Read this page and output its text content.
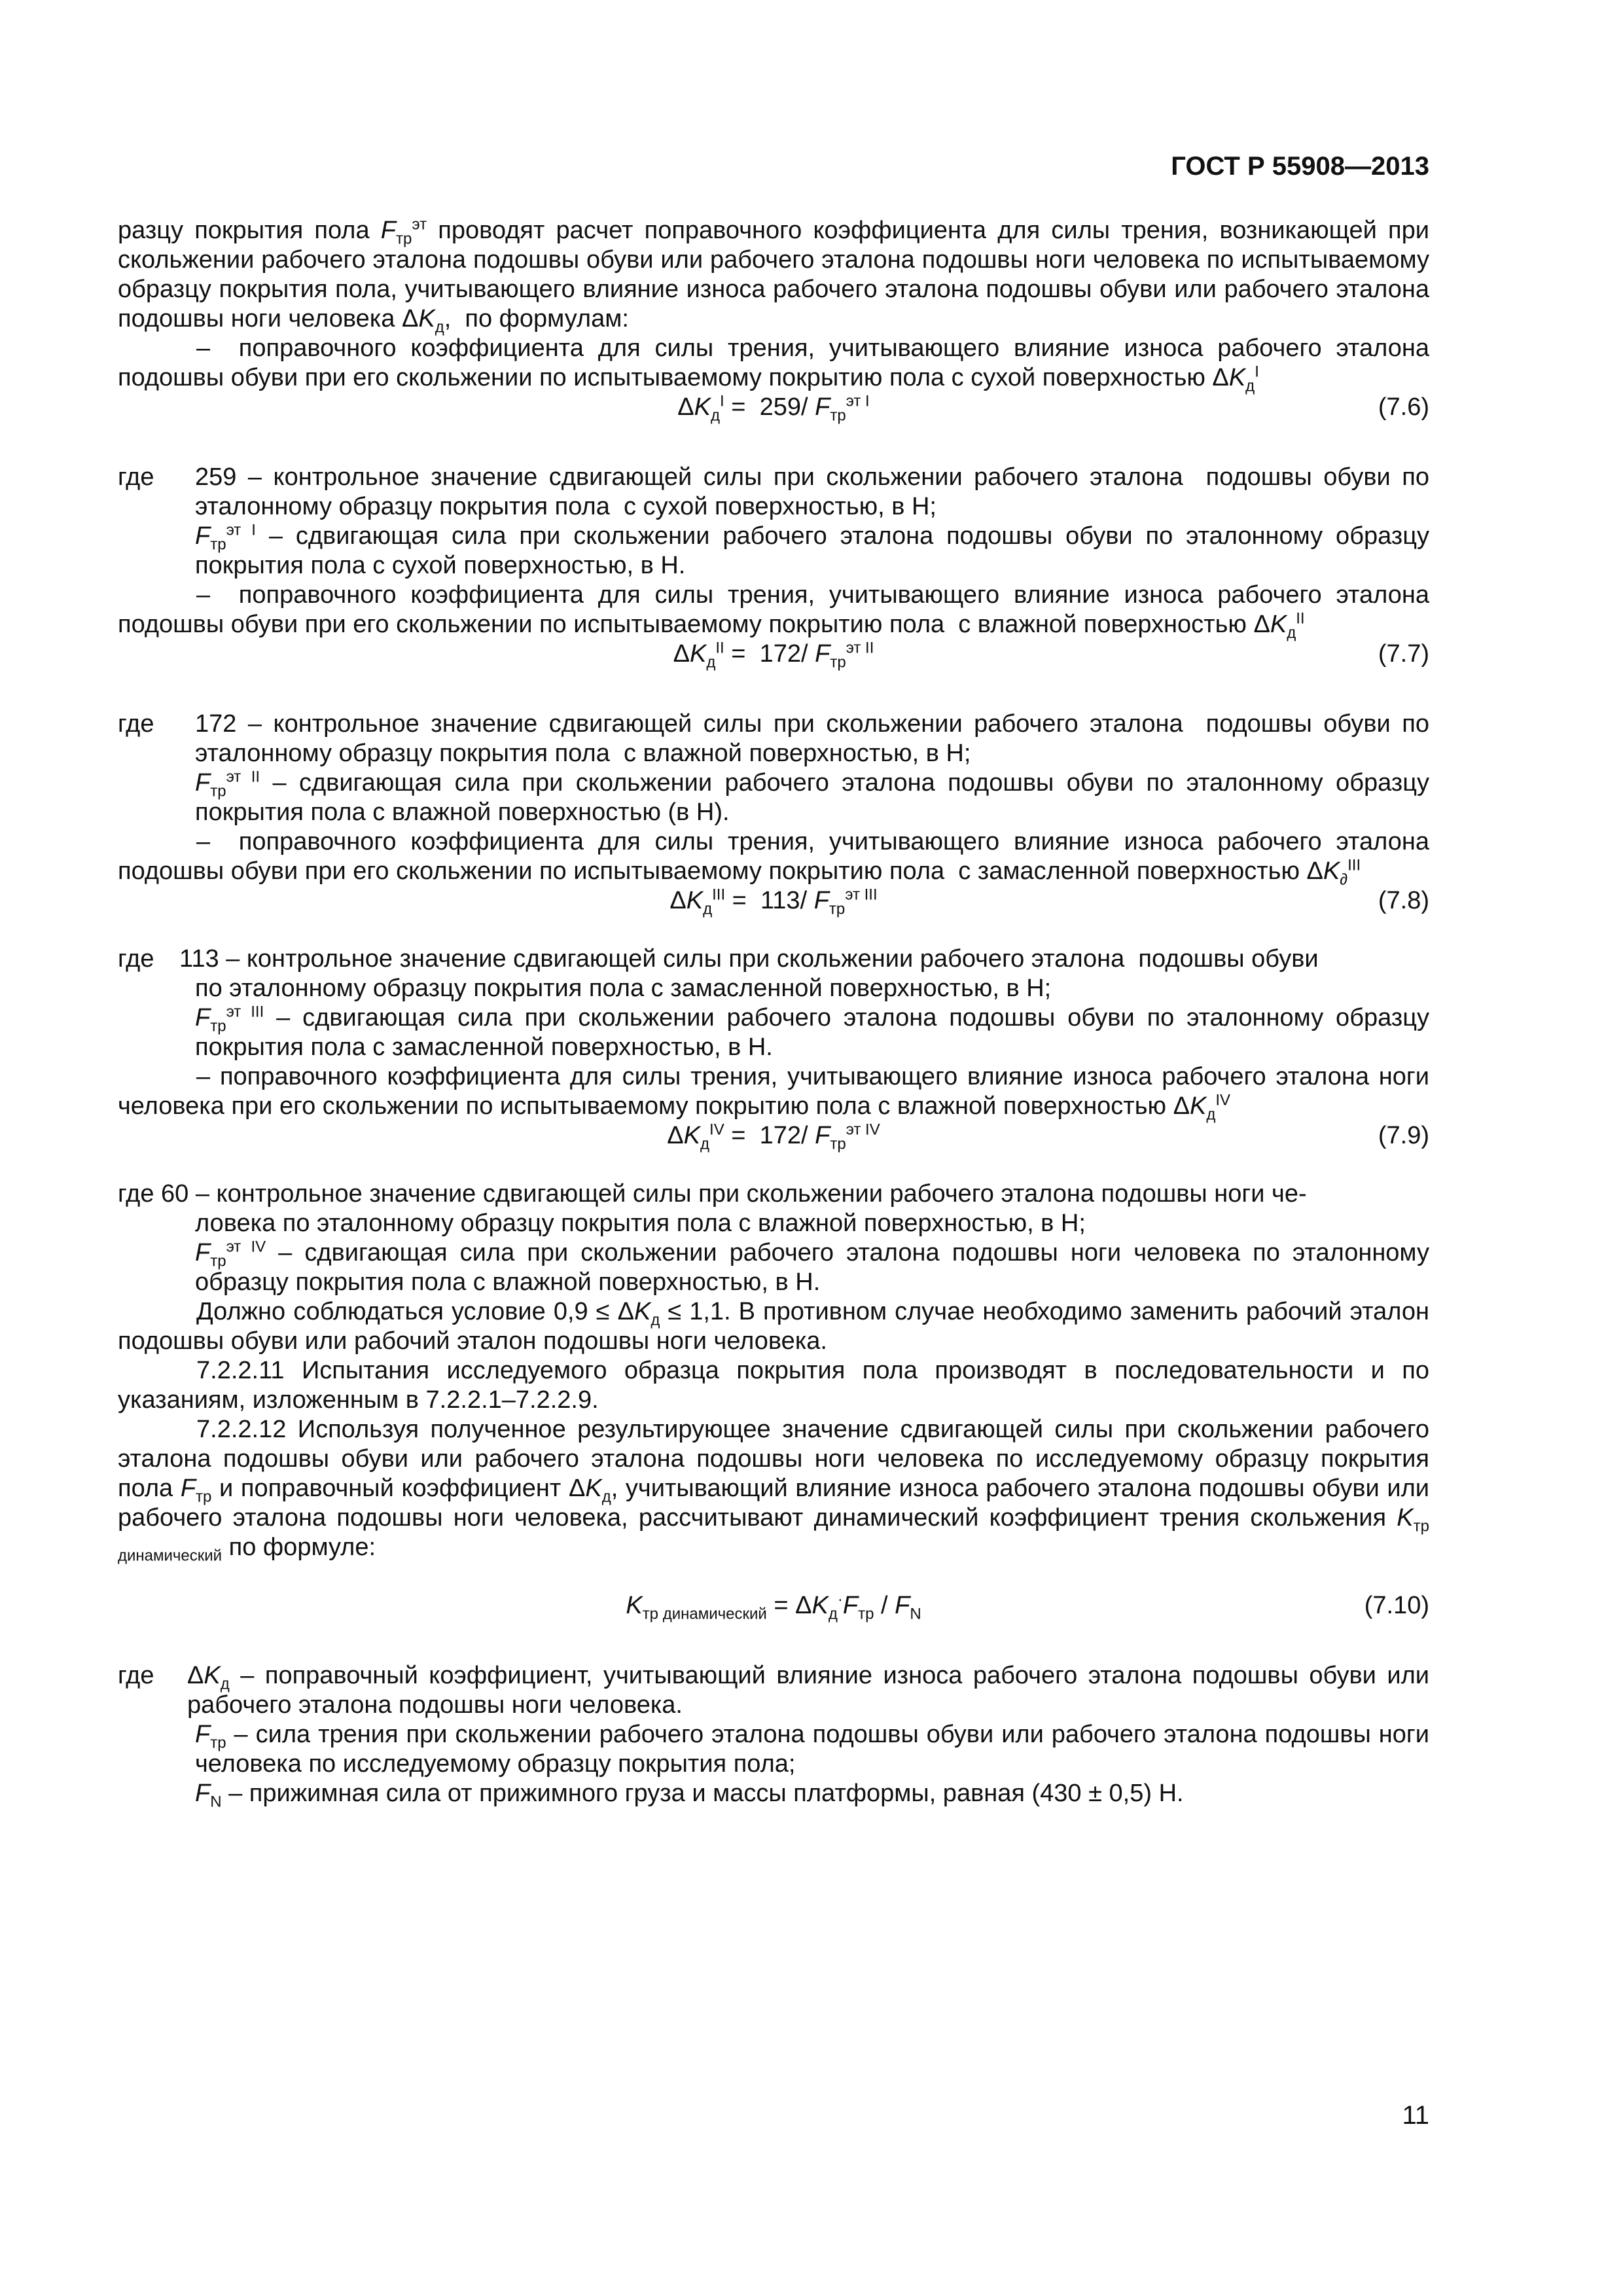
ГОСТ Р 55908—2013

разцу покрытия пола $F_{тр}^{эт}$ проводят расчет поправочного коэффициента для силы трения, возникающей при скольжении рабочего эталона подошвы обуви или рабочего эталона подошвы ноги человека по испытываемому образцу покрытия пола, учитывающего влияние износа рабочего эталона подошвы обуви или рабочего эталона подошвы ноги человека $\Delta K_д$,  по формулам:

–  поправочного коэффициента для силы трения, учитывающего влияние износа рабочего эталона подошвы обуви при его скольжении по испытываемому покрытию пола с сухой поверхностью $\Delta K_д^I$

$\Delta K_д^I = 259/$ $F_{тр}^{эт I}$	(7.6)
где	259 – контрольное значение сдвигающей силы при скольжении рабочего эталона  подошвы обуви по эталонному образцу покрытия пола  с сухой поверхностью, в Н;

$F_{тр}^{эт I}$ – сдвигающая сила при скольжении рабочего эталона подошвы обуви по эталонному образцу покрытия пола с сухой поверхностью, в Н.

–  поправочного коэффициента для силы трения, учитывающего влияние износа рабочего эталона подошвы обуви при его скольжении по испытываемому покрытию пола  с влажной поверхностью $\Delta K_д^{II}$

$\Delta K_д^{II} = 172/$ $F_{тр}^{эт II}$	(7.7)
где	172 – контрольное значение сдвигающей силы при скольжении рабочего эталона  подошвы обуви по эталонному образцу покрытия пола  с влажной поверхностью, в Н;

$F_{тр}^{эт II}$ – сдвигающая сила при скольжении рабочего эталона подошвы обуви по эталонному образцу покрытия пола с влажной поверхностью (в Н).

–  поправочного коэффициента для силы трения, учитывающего влияние износа рабочего эталона подошвы обуви при его скольжении по испытываемому покрытию пола  с замасленной поверхностью $\Delta K_\partial^{III}$

$\Delta K_д^{III} = 113/$ $F_{тр}^{эт III}$	(7.8)
где	113 – контрольное значение сдвигающей силы при скольжении рабочего эталона  подошвы обуви

по эталонному образцу покрытия пола с замасленной поверхностью, в Н;

$F_{тр}^{эт III}$ – сдвигающая сила при скольжении рабочего эталона подошвы обуви по эталонному образцу покрытия пола с замасленной поверхностью, в Н.

– поправочного коэффициента для силы трения, учитывающего влияние износа рабочего эталона ноги человека при его скольжении по испытываемому покрытию пола с влажной поверхностью $\Delta K_д^{IV}$

$\Delta K_д^{IV} = 172/$ $F_{тр}^{эт IV}$	(7.9)

где 60 – контрольное значение сдвигающей силы при скольжении рабочего эталона подошвы ноги че-

ловека по эталонному образцу покрытия пола с влажной поверхностью, в Н;

$F_{тр}^{эт IV}$ – сдвигающая сила при скольжении рабочего эталона подошвы ноги человека по эталонному образцу покрытия пола с влажной поверхностью, в Н.

Должно соблюдаться условие $0,9 \le \Delta K_д \le 1,1$. В противном случае необходимо заменить рабочий эталон подошвы обуви или рабочий эталон подошвы ноги человека.

7.2.2.11 Испытания исследуемого образца покрытия пола производят в последовательности и по указаниям, изложенным в 7.2.2.1–7.2.2.9.

7.2.2.12 Используя полученное результирующее значение сдвигающей силы при скольжении рабочего эталона подошвы обуви или рабочего эталона подошвы ноги человека по исследуемому образцу покрытия пола $F_{тр}$ и поправочный коэффициент $\Delta K_д$, учитывающий влияние износа рабочего эталона подошвы обуви или рабочего эталона подошвы ноги человека, рассчитывают динамический коэффициент трения скольжения $K_{тр динамический}$ по формуле:

$K_{тр динамический} = \Delta K_д^\cdot F_{тр} / F_N$	(7.10)
где	$\Delta K_д$ – поправочный коэффициент, учитывающий влияние износа рабочего эталона подошвы обуви или рабочего эталона подошвы ноги человека.

$F_{тр}$ – сила трения при скольжении рабочего эталона подошвы обуви или рабочего эталона подошвы ноги человека по исследуемому образцу покрытия пола;

$F_N$ – прижимная сила от прижимного груза и массы платформы, равная (430 ± 0,5) Н.

11
